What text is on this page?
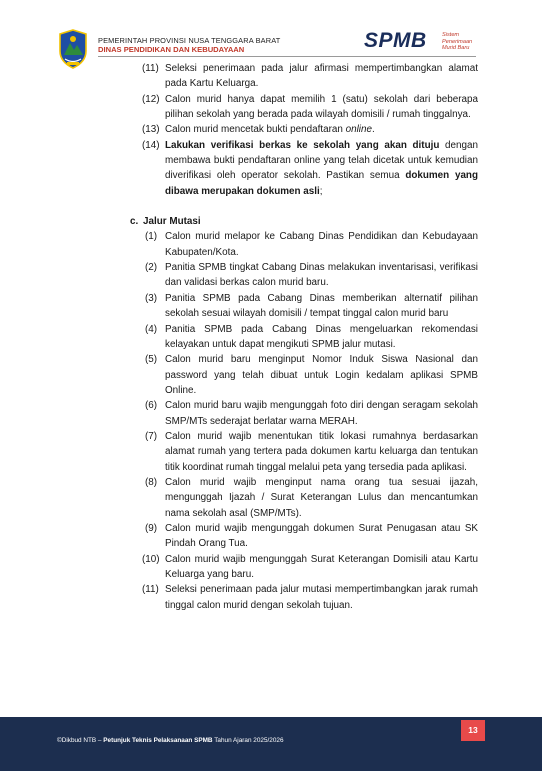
PEMERINTAH PROVINSI NUSA TENGGARA BARAT
DINAS PENDIDIKAN DAN KEBUDAYAAN	SPMB	Sistem
Penerimaan
Murid Baru
(11) Seleksi penerimaan pada jalur afirmasi mempertimbangkan alamat pada Kartu Keluarga.
(12) Calon murid hanya dapat memilih 1 (satu) sekolah dari beberapa pilihan sekolah yang berada pada wilayah domisili / rumah tinggalnya.
(13) Calon murid mencetak bukti pendaftaran online.
(14) Lakukan verifikasi berkas ke sekolah yang akan dituju dengan membawa bukti pendaftaran online yang telah dicetak untuk kemudian diverifikasi oleh operator sekolah. Pastikan semua dokumen yang dibawa merupakan dokumen asli;
c. Jalur Mutasi
(1) Calon murid melapor ke Cabang Dinas Pendidikan dan Kebudayaan Kabupaten/Kota.
(2) Panitia SPMB tingkat Cabang Dinas melakukan inventarisasi, verifikasi dan validasi berkas calon murid baru.
(3) Panitia SPMB pada Cabang Dinas memberikan alternatif pilihan sekolah sesuai wilayah domisili / tempat tinggal calon murid baru
(4) Panitia SPMB pada Cabang Dinas mengeluarkan rekomendasi kelayakan untuk dapat mengikuti SPMB jalur mutasi.
(5) Calon murid baru menginput Nomor Induk Siswa Nasional dan password yang telah dibuat untuk Login kedalam aplikasi SPMB Online.
(6) Calon murid baru wajib mengunggah foto diri dengan seragam sekolah SMP/MTs sederajat berlatar warna MERAH.
(7) Calon murid wajib menentukan titik lokasi rumahnya berdasarkan alamat rumah yang tertera pada dokumen kartu keluarga dan tentukan titik koordinat rumah tinggal melalui peta yang tersedia pada aplikasi.
(8) Calon murid wajib menginput nama orang tua sesuai ijazah, mengunggah Ijazah / Surat Keterangan Lulus dan mencantumkan nama sekolah asal (SMP/MTs).
(9) Calon murid wajib mengunggah dokumen Surat Penugasan atau SK Pindah Orang Tua.
(10) Calon murid wajib mengunggah Surat Keterangan Domisili atau Kartu Keluarga yang baru.
(11) Seleksi penerimaan pada jalur mutasi mempertimbangkan jarak rumah tinggal calon murid dengan sekolah tujuan.
©Dikbud NTB – Petunjuk Teknis Pelaksanaan SPMB Tahun Ajaran 2025/2026
13
